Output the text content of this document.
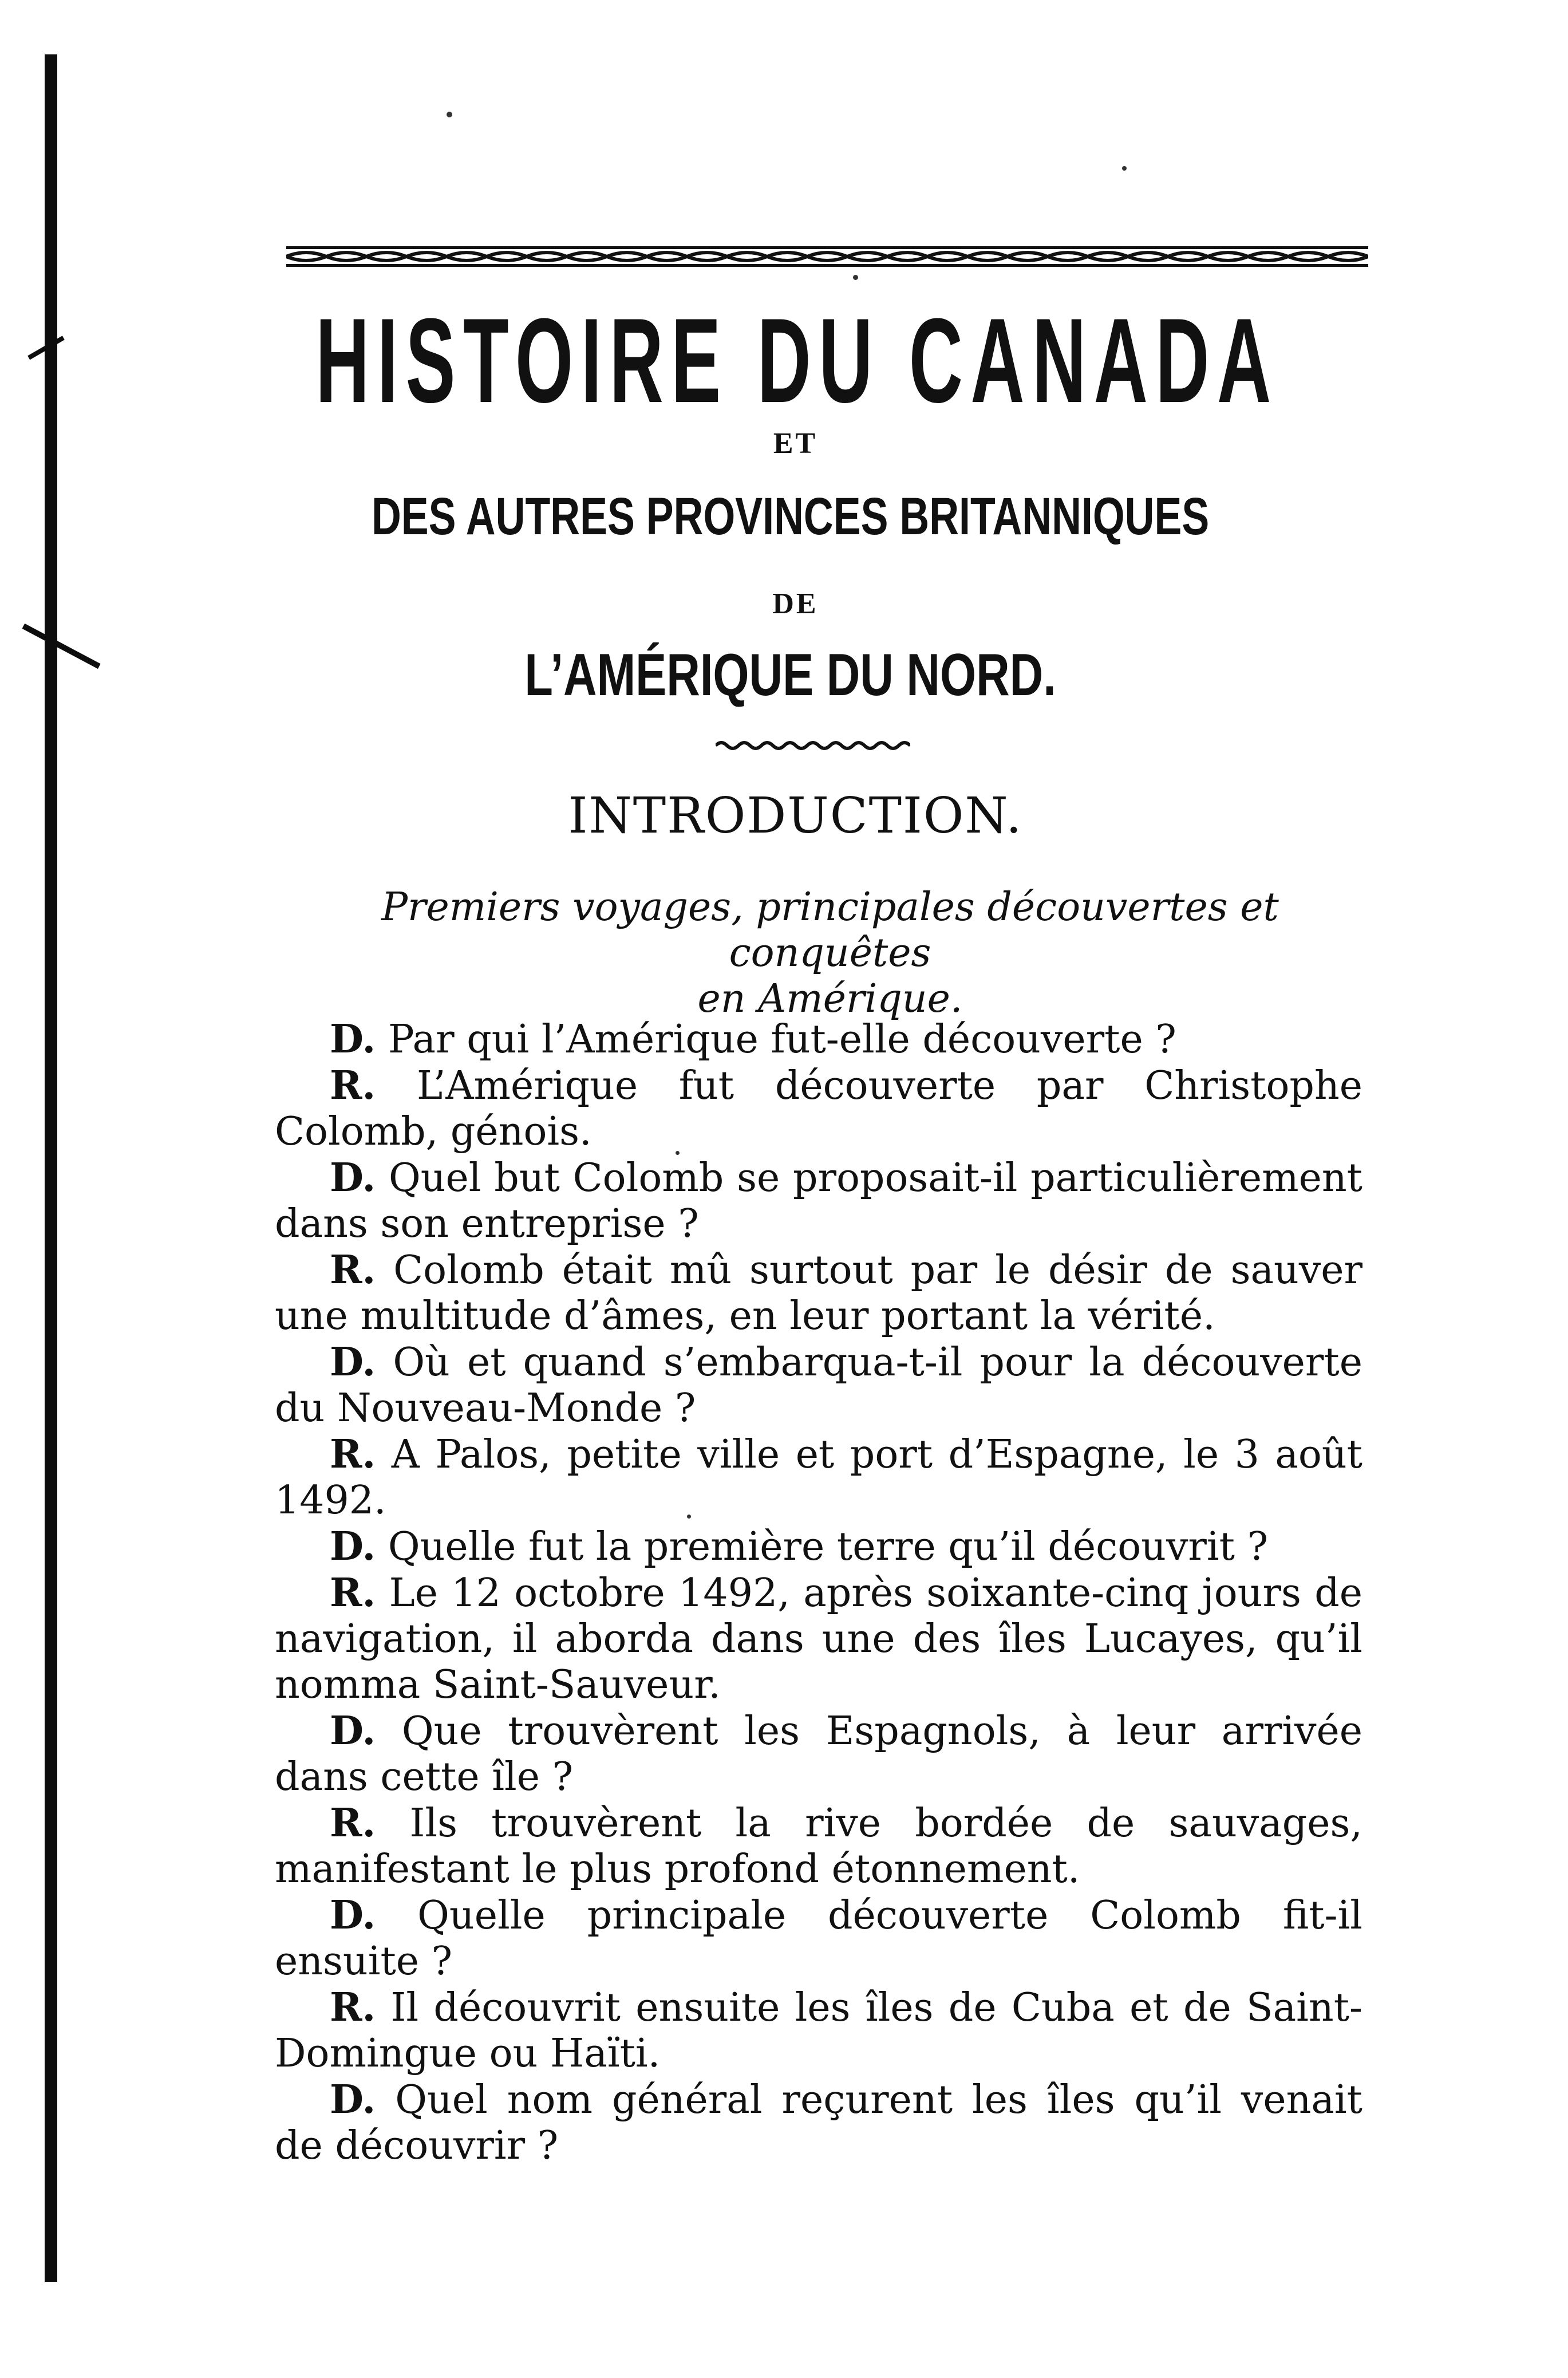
HISTOIRE DU CANADA
ET
DES AUTRES PROVINCES BRITANNIQUES
DE
L’AMÉRIQUE DU NORD.
INTRODUCTION.
Premiers voyages, principales découvertes et conquêtes
en Amérique.

D. Par qui l’Amérique fut-elle découverte ?

R. L’Amérique fut découverte par Christophe Colomb, génois.

D. Quel but Colomb se proposait-il particulièrement dans son entreprise ?

R. Colomb était mû surtout par le désir de sauver une multitude d’âmes, en leur portant la vérité.

D. Où et quand s’embarqua-t-il pour la découverte du Nouveau-Monde ?

R. A Palos, petite ville et port d’Espagne, le 3 août 1492.

D. Quelle fut la première terre qu’il découvrit ?

R. Le 12 octobre 1492, après soixante-cinq jours de navigation, il aborda dans une des îles Lucayes, qu’il nomma Saint-Sauveur.

D. Que trouvèrent les Espagnols, à leur arrivée dans cette île ?

R. Ils trouvèrent la rive bordée de sauvages, manifestant le plus profond étonnement.

D. Quelle principale découverte Colomb fit-il ensuite ?

R. Il découvrit ensuite les îles de Cuba et de Saint-Domingue ou Haïti.

D. Quel nom général reçurent les îles qu’il venait de découvrir ?
